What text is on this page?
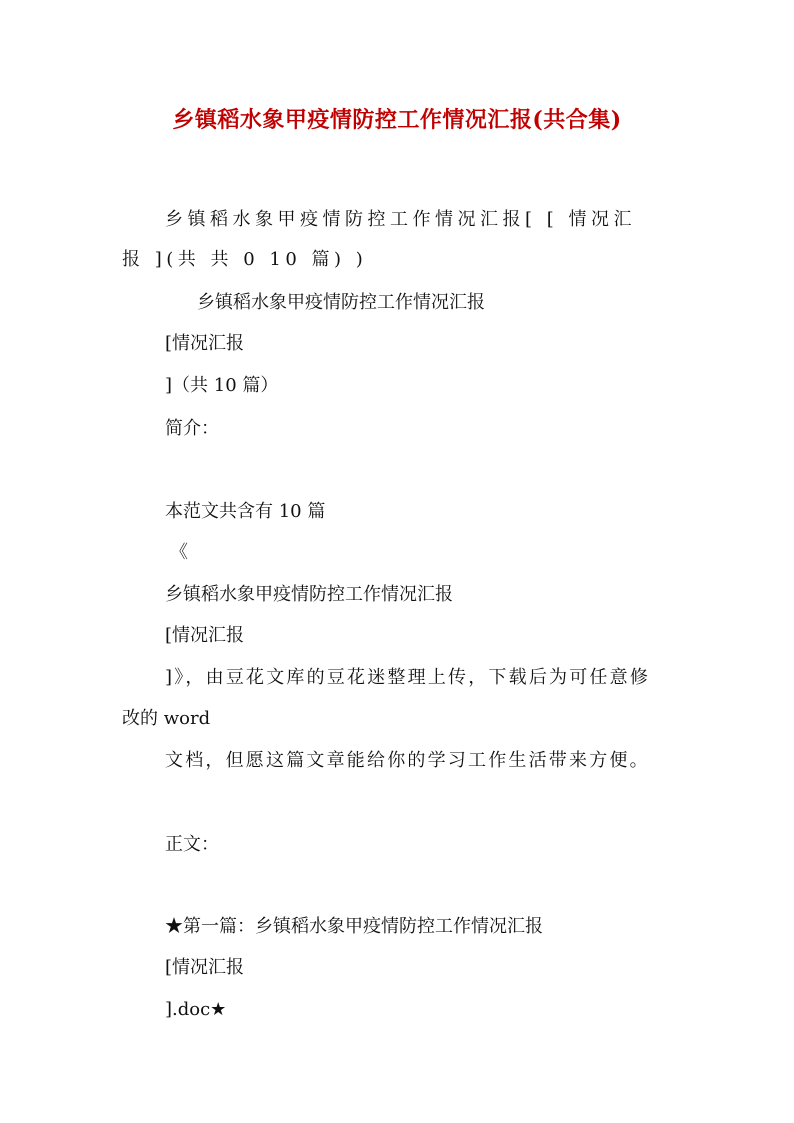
乡镇稻水象甲疫情防控工作情况汇报(共合集)
乡镇稻水象甲疫情防控工作情况汇报[ [ 情况汇
报 ](共 共 0 10 篇) )
乡镇稻水象甲疫情防控工作情况汇报
[情况汇报
]（共 10 篇）
简介：
本范文共含有 10 篇
《
乡镇稻水象甲疫情防控工作情况汇报
[情况汇报
]》，由豆花文库的豆花迷整理上传，下载后为可任意修
改的 word
文档，但愿这篇文章能给你的学习工作生活带来方便。
正文：
★第一篇：乡镇稻水象甲疫情防控工作情况汇报
[情况汇报
].doc★
